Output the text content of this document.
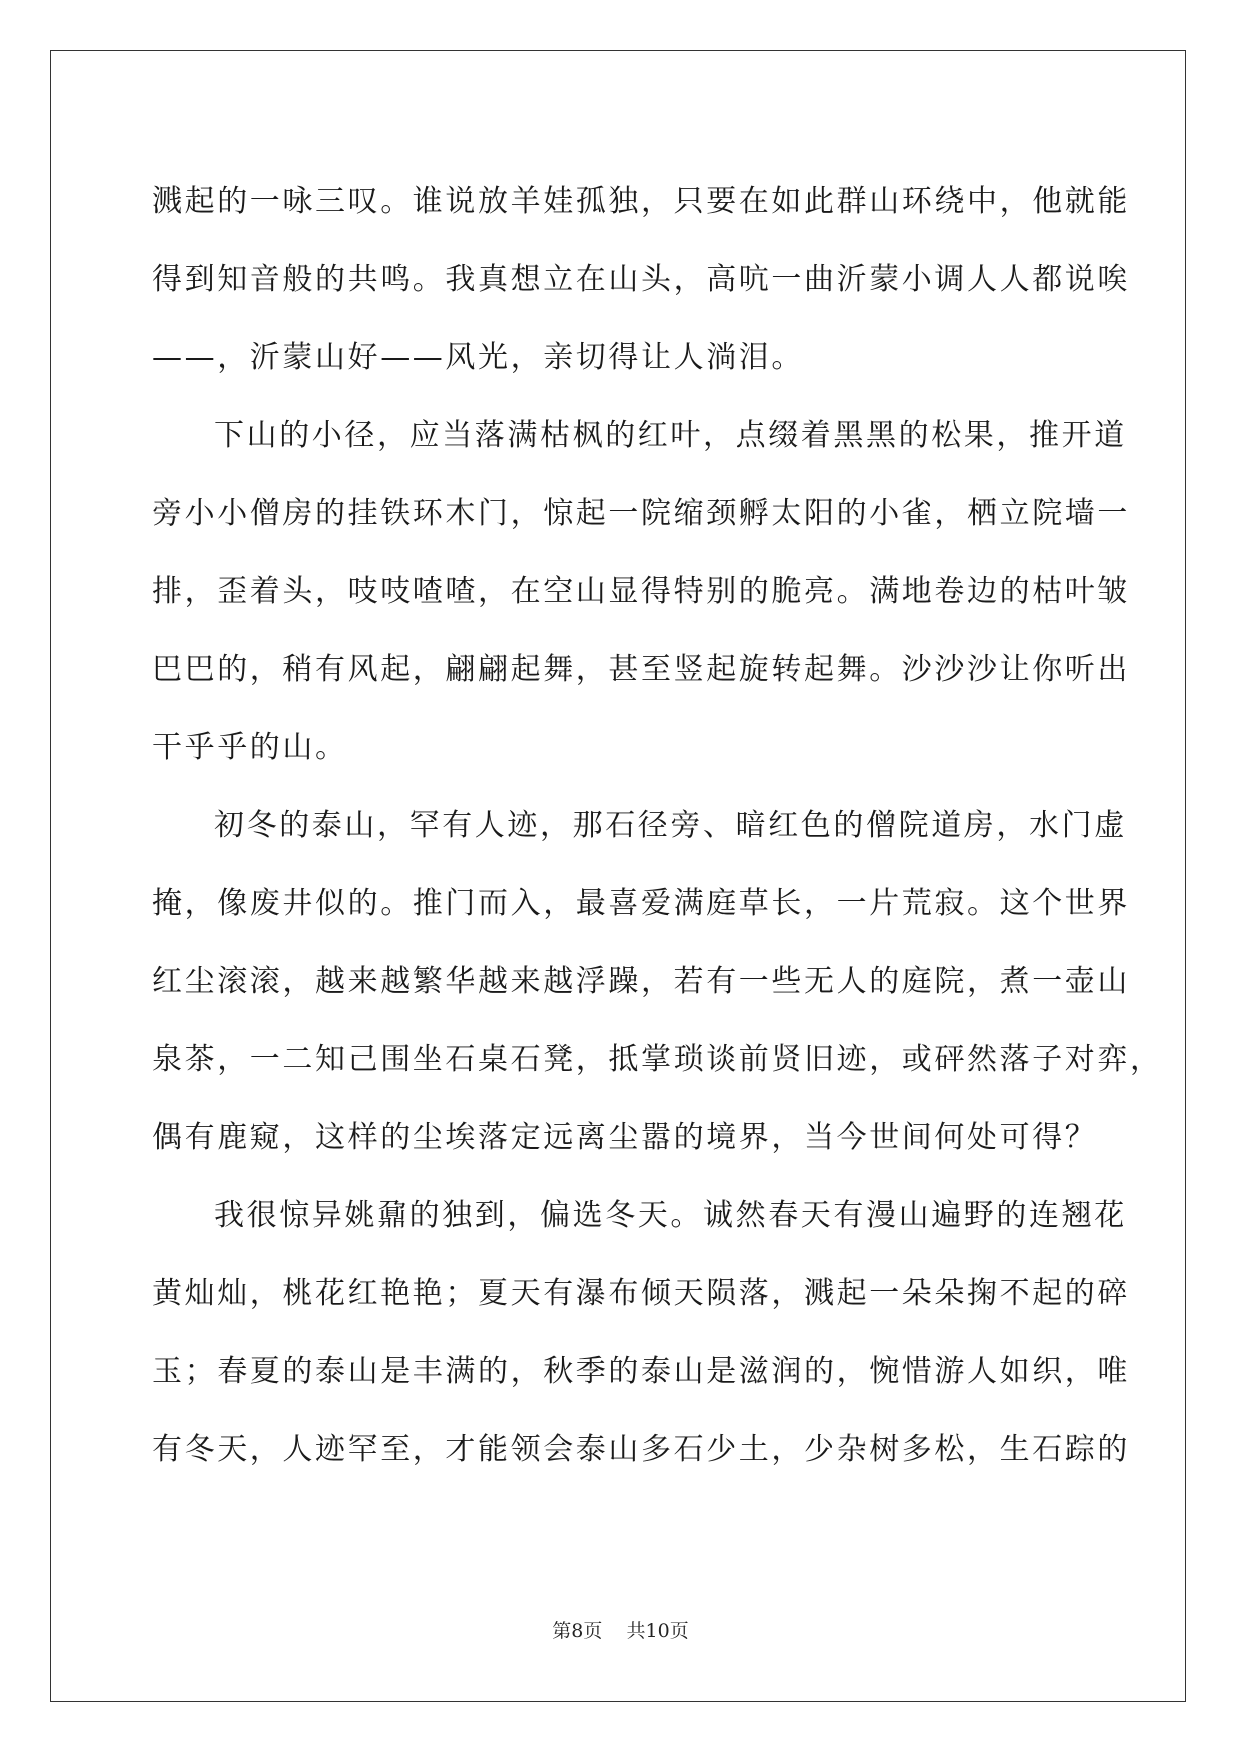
溅起的一咏三叹。谁说放羊娃孤独，只要在如此群山环绕中，他就能
得到知音般的共鸣。我真想立在山头，高吭一曲沂蒙小调人人都说唉
——，沂蒙山好——风光，亲切得让人淌泪。
下山的小径，应当落满枯枫的红叶，点缀着黑黑的松果，推开道
旁小小僧房的挂铁环木门，惊起一院缩颈孵太阳的小雀，栖立院墙一
排，歪着头，吱吱喳喳，在空山显得特别的脆亮。满地卷边的枯叶皱
巴巴的，稍有风起，翩翩起舞，甚至竖起旋转起舞。沙沙沙让你听出
干乎乎的山。
初冬的泰山，罕有人迹，那石径旁、暗红色的僧院道房，水门虚
掩，像废井似的。推门而入，最喜爱满庭草长，一片荒寂。这个世界
红尘滚滚，越来越繁华越来越浮躁，若有一些无人的庭院，煮一壶山
泉茶，一二知己围坐石桌石凳，抵掌琐谈前贤旧迹，或砰然落子对弈，
偶有鹿窥，这样的尘埃落定远离尘嚣的境界，当今世间何处可得？
我很惊异姚鼐的独到，偏选冬天。诚然春天有漫山遍野的连翘花
黄灿灿，桃花红艳艳；夏天有瀑布倾天陨落，溅起一朵朵掬不起的碎
玉；春夏的泰山是丰满的，秋季的泰山是滋润的，惋惜游人如织，唯
有冬天，人迹罕至，才能领会泰山多石少土，少杂树多松，生石踪的
第8页    共10页
